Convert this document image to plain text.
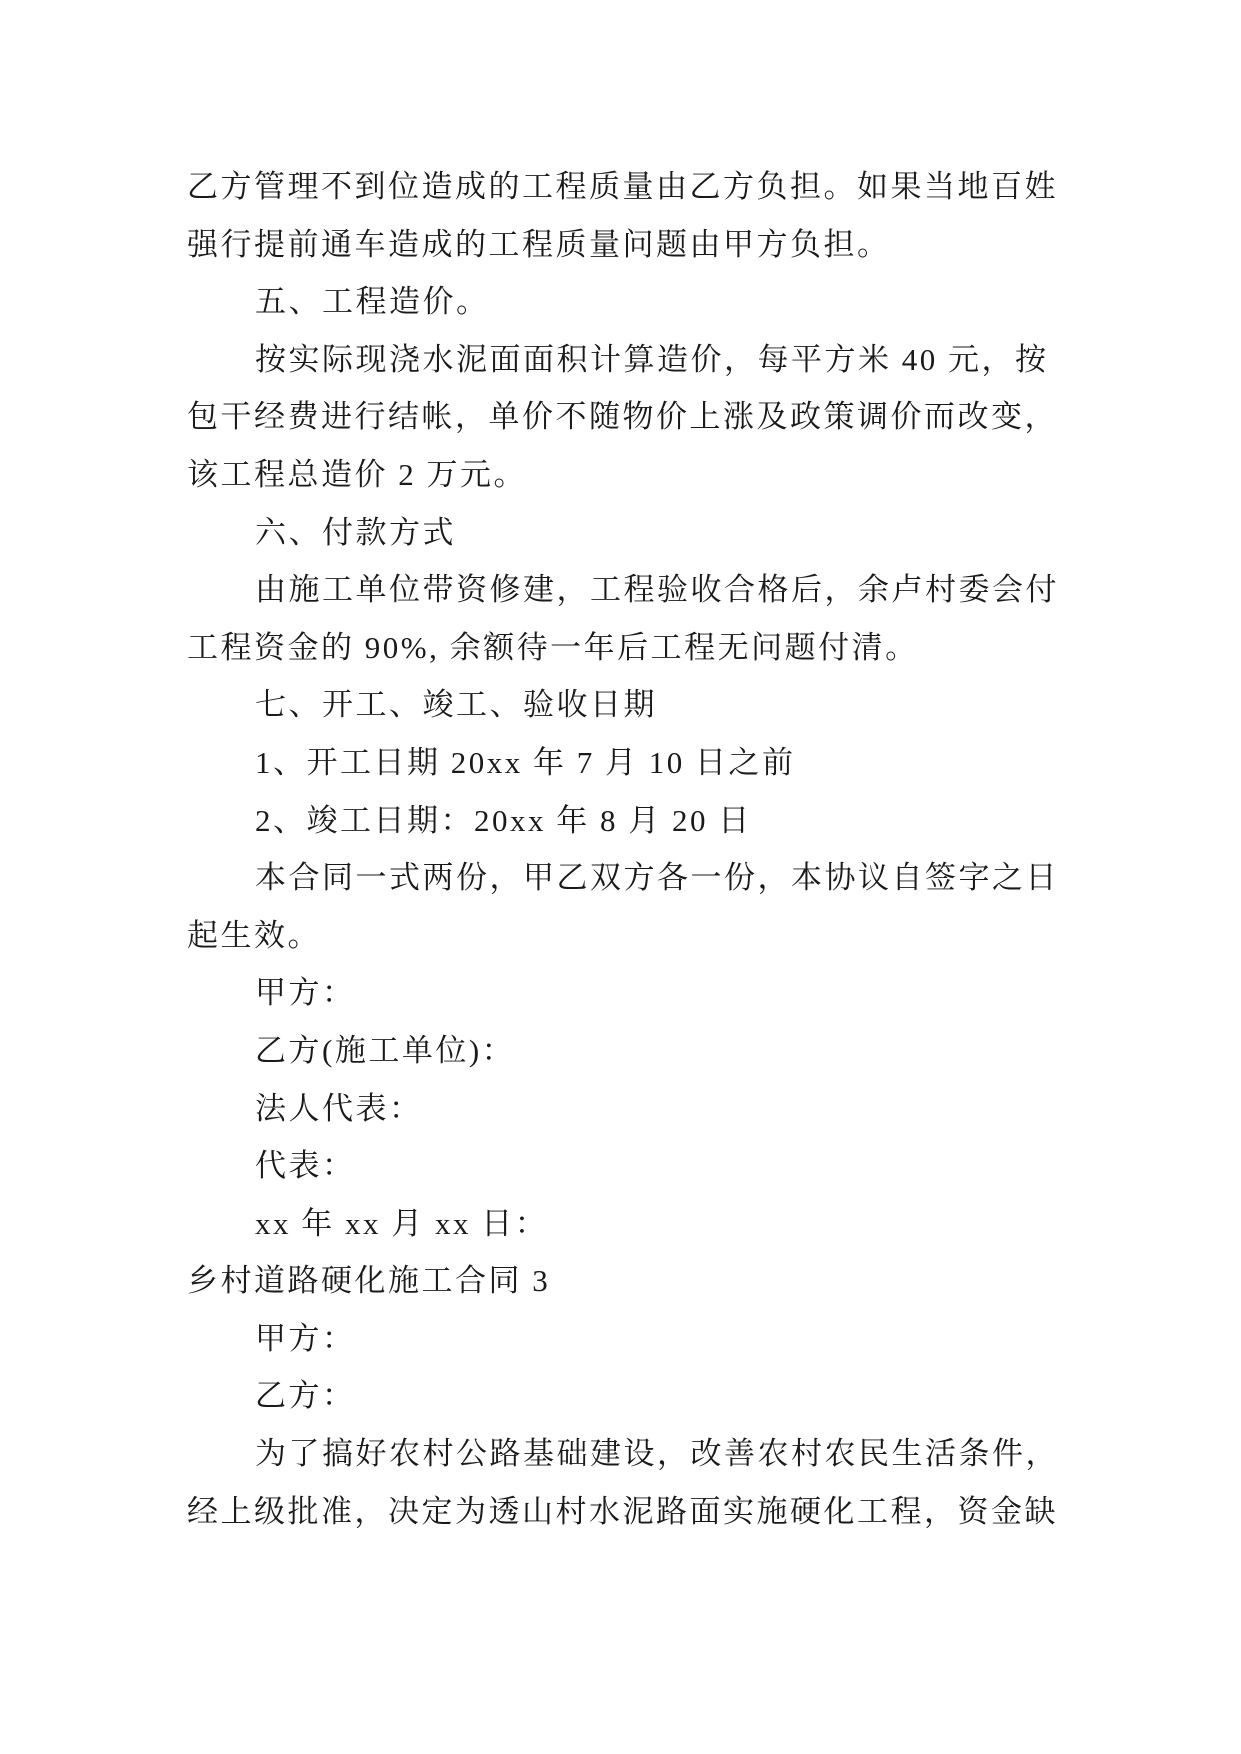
乙方管理不到位造成的工程质量由乙方负担。如果当地百姓
强行提前通车造成的工程质量问题由甲方负担。
五、工程造价。
按实际现浇水泥面面积计算造价，每平方米 40 元，按
包干经费进行结帐，单价不随物价上涨及政策调价而改变，
该工程总造价 2 万元。
六、付款方式
由施工单位带资修建，工程验收合格后，余卢村委会付
工程资金的 90%, 余额待一年后工程无问题付清。
七、开工、竣工、验收日期
1、开工日期 20xx 年 7 月 10 日之前
2、竣工日期：20xx 年 8 月 20 日
本合同一式两份，甲乙双方各一份，本协议自签字之日
起生效。
甲方：
乙方(施工单位)：
法人代表：
代表：
xx 年 xx 月 xx 日：
乡村道路硬化施工合同 3
甲方：
乙方：
为了搞好农村公路基础建设，改善农村农民生活条件，
经上级批准，决定为透山村水泥路面实施硬化工程，资金缺
